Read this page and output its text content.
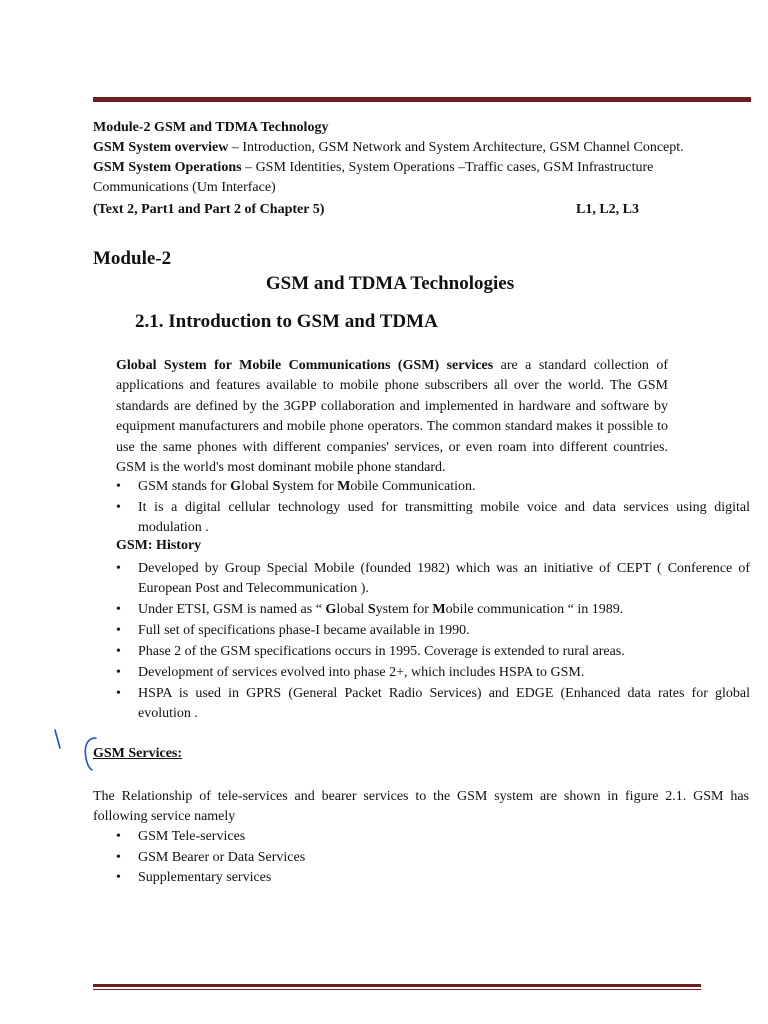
Module-2 GSM and TDMA Technology
GSM System overview – Introduction, GSM Network and System Architecture, GSM Channel Concept.
GSM System Operations – GSM Identities, System Operations –Traffic cases, GSM Infrastructure
Communications (Um Interface)
(Text 2, Part1 and Part 2 of Chapter 5)	L1, L2, L3
Module-2
GSM and TDMA Technologies
2.1. Introduction to GSM and TDMA
Global System for Mobile Communications (GSM) services are a standard collection of applications and features available to mobile phone subscribers all over the world. The GSM standards are defined by the 3GPP collaboration and implemented in hardware and software by equipment manufacturers and mobile phone operators. The common standard makes it possible to use the same phones with different companies' services, or even roam into different countries. GSM is the world's most dominant mobile phone standard.
• GSM stands for Global System for Mobile Communication.
• It is a digital cellular technology used for transmitting mobile voice and data services using digital modulation .
GSM: History
• Developed by Group Special Mobile (founded 1982) which was an initiative of CEPT ( Conference of European Post and Telecommunication ).
• Under ETSI, GSM is named as “ Global System for Mobile communication “ in 1989.
• Full set of specifications phase-I became available in 1990.
• Phase 2 of the GSM specifications occurs in 1995. Coverage is extended to rural areas.
• Development of services evolved into phase 2+, which includes HSPA to GSM.
• HSPA is used in GPRS (General Packet Radio Services) and EDGE (Enhanced data rates for global evolution .
GSM Services:
The Relationship of tele-services and bearer services to the GSM system are shown in figure 2.1. GSM has following service namely
• GSM Tele-services
• GSM Bearer or Data Services
• Supplementary services
